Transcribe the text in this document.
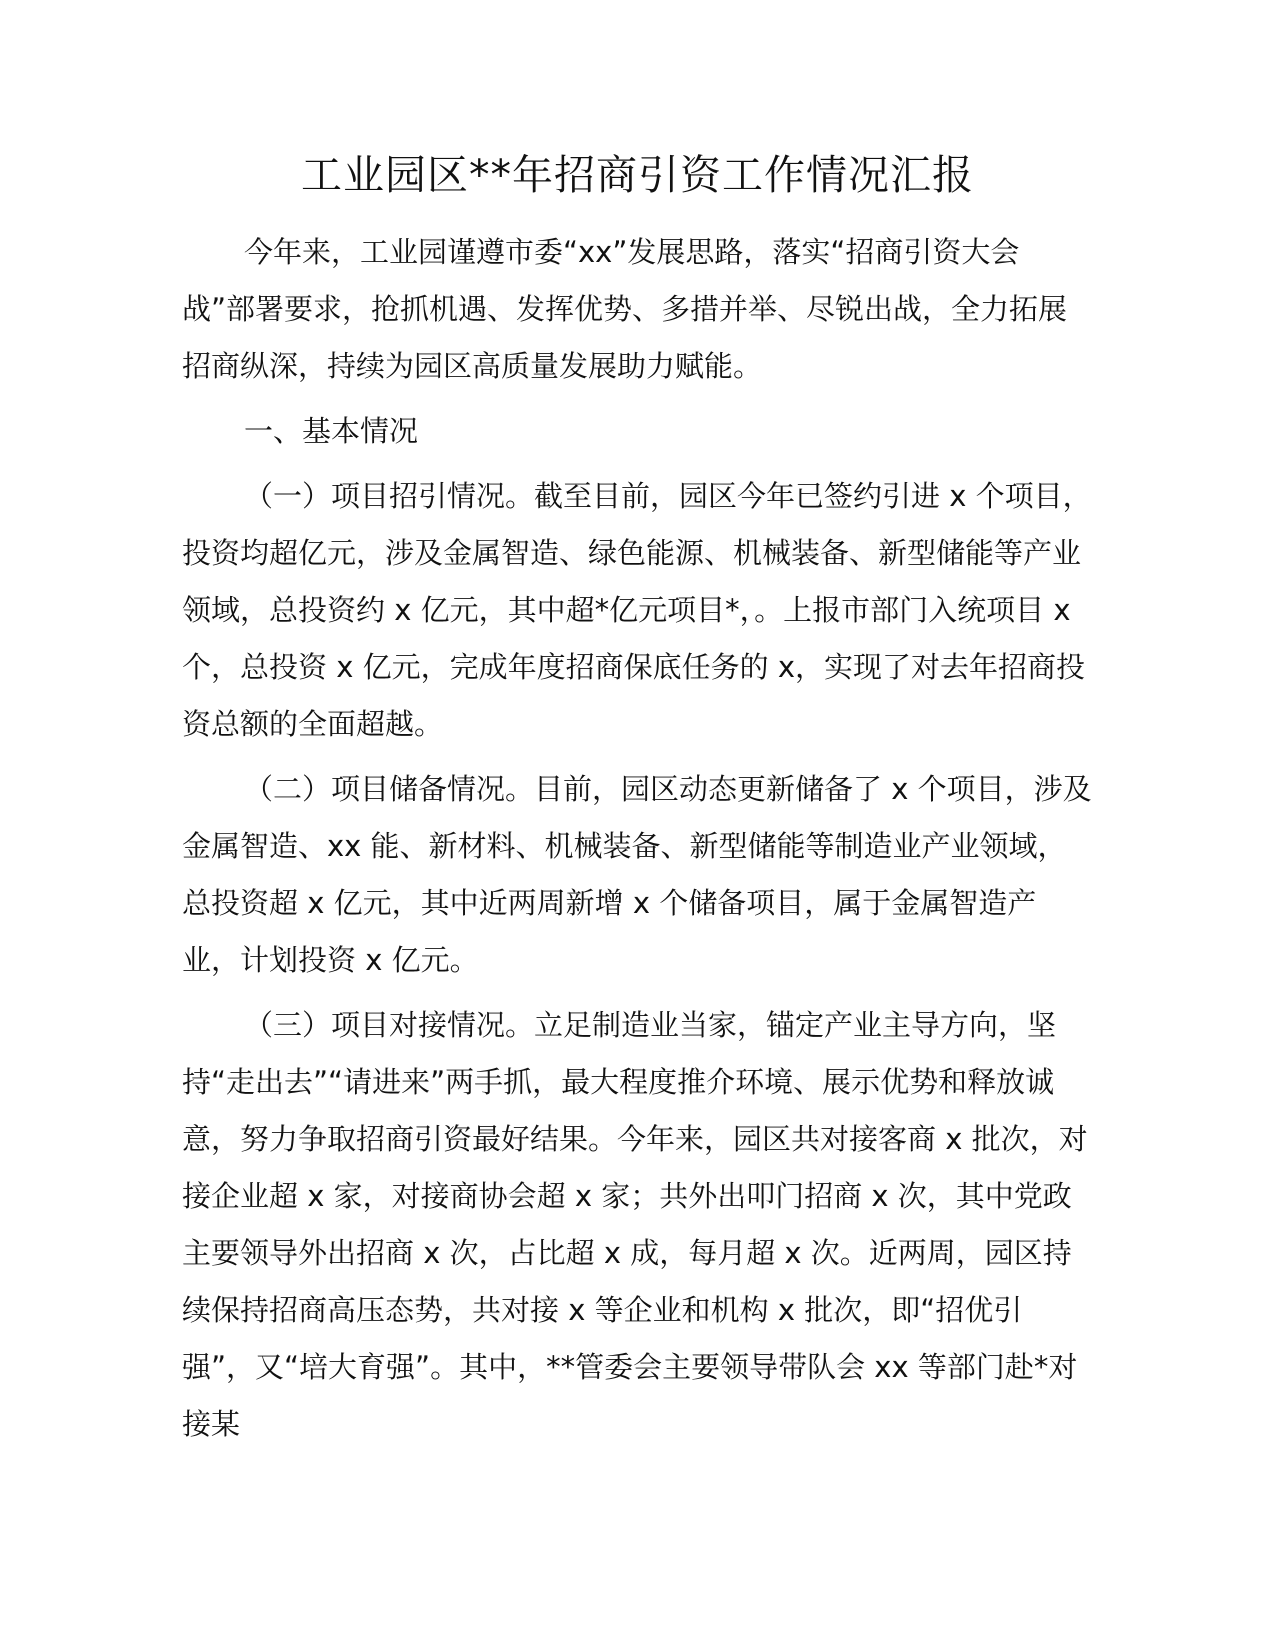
工业园区**年招商引资工作情况汇报

今年来，工业园谨遵市委“xx”发展思路，落实“招商引资大会战”部署要求，抢抓机遇、发挥优势、多措并举、尽锐出战，全力拓展招商纵深，持续为园区高质量发展助力赋能。

一、基本情况

（一）项目招引情况。截至目前，园区今年已签约引进 x 个项目，投资均超亿元，涉及金属智造、绿色能源、机械装备、新型储能等产业领域，总投资约 x 亿元，其中超*亿元项目*，。上报市部门入统项目 x 个，总投资 x 亿元，完成年度招商保底任务的 x，实现了对去年招商投资总额的全面超越。

（二）项目储备情况。目前，园区动态更新储备了 x 个项目，涉及金属智造、xx 能、新材料、机械装备、新型储能等制造业产业领域，总投资超 x 亿元，其中近两周新增 x 个储备项目，属于金属智造产业，计划投资 x 亿元。

（三）项目对接情况。立足制造业当家，锚定产业主导方向，坚持“走出去”“请进来”两手抓，最大程度推介环境、展示优势和释放诚意，努力争取招商引资最好结果。今年来，园区共对接客商 x 批次，对接企业超 x 家，对接商协会超 x 家；共外出叩门招商 x 次，其中党政主要领导外出招商 x 次，占比超 x 成，每月超 x 次。近两周，园区持续保持招商高压态势，共对接 x 等企业和机构 x 批次，即“招优引强”，又“培大育强”。其中，**管委会主要领导带队会 xx 等部门赴*对接某
